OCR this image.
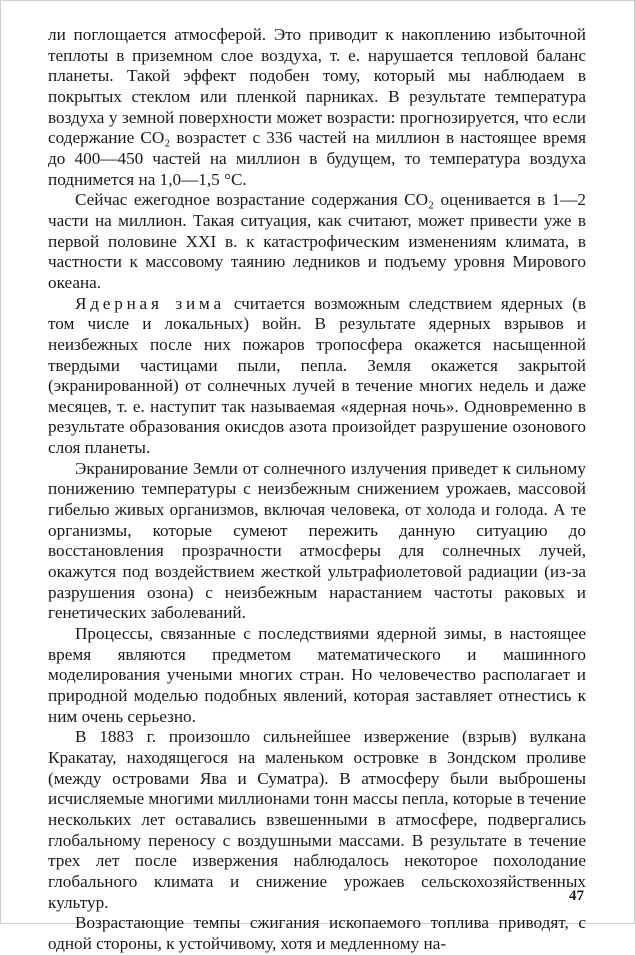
ли поглощается атмосферой. Это приводит к накоплению избыточной теплоты в приземном слое воздуха, т. е. нарушается тепловой баланс планеты. Такой эффект подобен тому, который мы наблюдаем в покрытых стеклом или пленкой парниках. В результате температура воздуха у земной поверхности может возрасти: прогнозируется, что если содержание CO₂ возрастет с 336 частей на миллион в настоящее время до 400—450 частей на миллион в будущем, то температура воздуха поднимется на 1,0—1,5 °С.

Сейчас ежегодное возрастание содержания CO₂ оценивается в 1—2 части на миллион. Такая ситуация, как считают, может привести уже в первой половине XXI в. к катастрофическим изменениям климата, в частности к массовому таянию ледников и подъему уровня Мирового океана.

Ядерная зима считается возможным следствием ядерных (в том числе и локальных) войн. В результате ядерных взрывов и неизбежных после них пожаров тропосфера окажется насыщенной твердыми частицами пыли, пепла. Земля окажется закрытой (экранированной) от солнечных лучей в течение многих недель и даже месяцев, т. е. наступит так называемая «ядерная ночь». Одновременно в результате образования окисдов азота произойдет разрушение озонового слоя планеты.

Экранирование Земли от солнечного излучения приведет к сильному понижению температуры с неизбежным снижением урожаев, массовой гибелью живых организмов, включая человека, от холода и голода. А те организмы, которые сумеют пережить данную ситуацию до восстановления прозрачности атмосферы для солнечных лучей, окажутся под воздействием жесткой ультрафиолетовой радиации (из-за разрушения озона) с неизбежным нарастанием частоты раковых и генетических заболеваний.

Процессы, связанные с последствиями ядерной зимы, в настоящее время являются предметом математического и машинного моделирования учеными многих стран. Но человечество располагает и природной моделью подобных явлений, которая заставляет отнестись к ним очень серьезно.

В 1883 г. произошло сильнейшее извержение (взрыв) вулкана Кракатау, находящегося на маленьком островке в Зондском проливе (между островами Ява и Суматра). В атмосферу были выброшены исчисляемые многими миллионами тонн массы пепла, которые в течение нескольких лет оставались взвешенными в атмосфере, подвергались глобальному переносу с воздушными массами. В результате в течение трех лет после извержения наблюдалось некоторое похолодание глобального климата и снижение урожаев сельскохозяйственных культур.

Возрастающие темпы сжигания ископаемого топлива приводят, с одной стороны, к устойчивому, хотя и медленному на-

47
